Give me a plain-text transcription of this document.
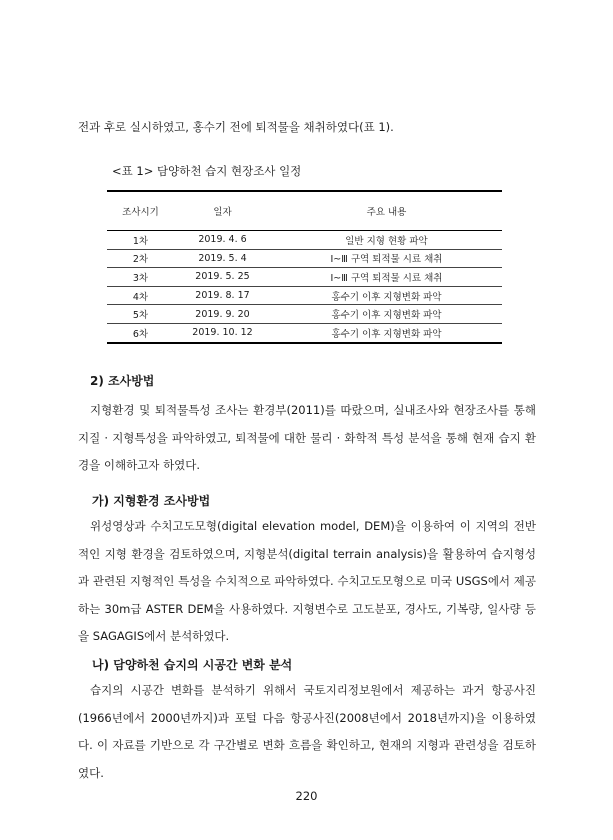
전과 후로 실시하였고, 홍수기 전에 퇴적물을 채취하였다(표 1).
<표 1> 담양하천 습지 현장조사 일정
조사시기	일자	주요 내용
1차	2019. 4. 6	일반 지형 현황 파악
2차	2019. 5. 4	Ⅰ~Ⅲ 구역 퇴적물 시료 채취
3차	2019. 5. 25	Ⅰ~Ⅲ 구역 퇴적물 시료 채취
4차	2019. 8. 17	홍수기 이후 지형변화 파악
5차	2019. 9. 20	홍수기 이후 지형변화 파악
6차	2019. 10. 12	홍수기 이후 지형변화 파악
2) 조사방법
지형환경 및 퇴적물특성 조사는 환경부(2011)를 따랐으며, 실내조사와 현장조사를 통해 지질 · 지형특성을 파악하였고, 퇴적물에 대한 물리 · 화학적 특성 분석을 통해 현재 습지 환경을 이해하고자 하였다.
가) 지형환경 조사방법
위성영상과 수치고도모형(digital elevation model, DEM)을 이용하여 이 지역의 전반적인 지형 환경을 검토하였으며, 지형분석(digital terrain analysis)을 활용하여 습지형성과 관련된 지형적인 특성을 수치적으로 파악하였다. 수치고도모형으로 미국 USGS에서 제공하는 30m급 ASTER DEM을 사용하였다. 지형변수로 고도분포, 경사도, 기복량, 일사량 등을 SAGAGIS에서 분석하였다.
나) 담양하천 습지의 시공간 변화 분석
습지의 시공간 변화를 분석하기 위해서 국토지리정보원에서 제공하는 과거 항공사진(1966년에서 2000년까지)과 포털 다음 항공사진(2008년에서 2018년까지)을 이용하였다. 이 자료를 기반으로 각 구간별로 변화 흐름을 확인하고, 현재의 지형과 관련성을 검토하였다.
220
